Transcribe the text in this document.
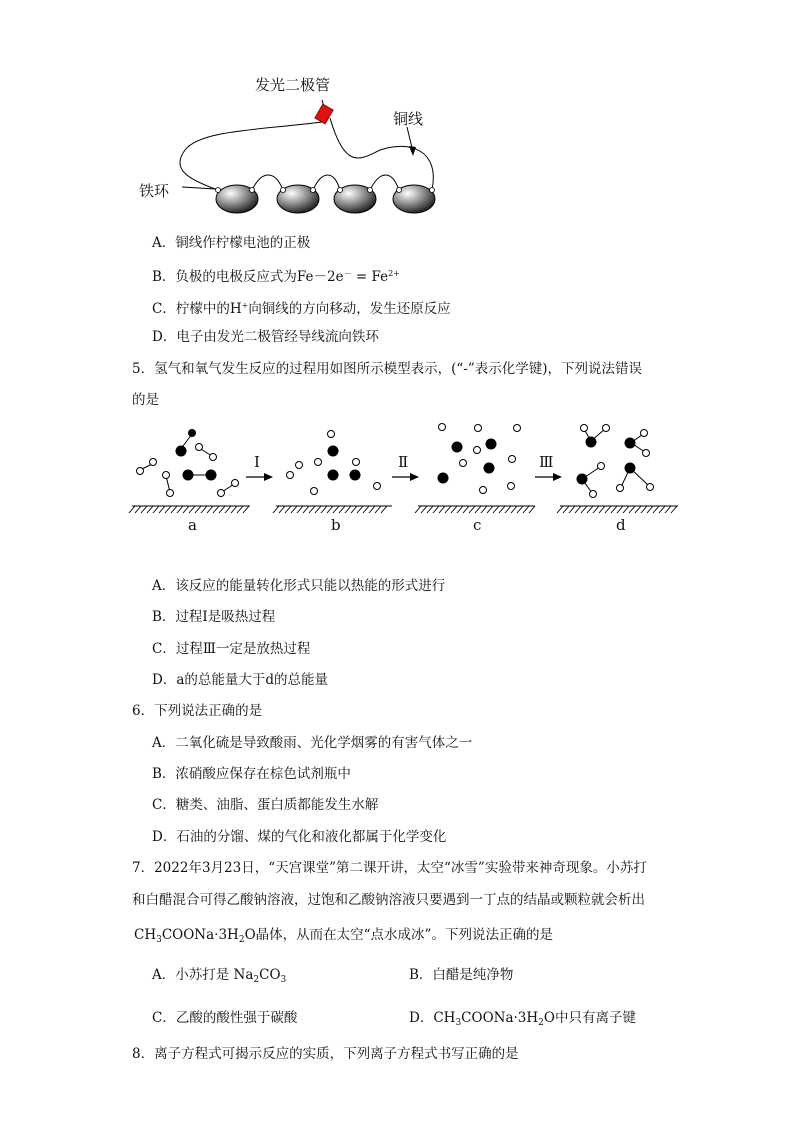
发光二极管
铜线
铁环
A．铜线作柠檬电池的正极
B．负极的电极反应式为$Fe-2e^- = Fe^{2+}$
C．柠檬中的H+向铜线的方向移动，发生还原反应
D．电子由发光二极管经导线流向铁环
5．氢气和氧气发生反应的过程用如图所示模型表示，(“-”表示化学键)，下列说法错误
的是
Ⅰ	Ⅱ	Ⅲ
a	b	c	d
A．该反应的能量转化形式只能以热能的形式进行
B．过程Ⅰ是吸热过程
C．过程Ⅲ一定是放热过程
D．a的总能量大于d的总能量
6．下列说法正确的是
A．二氧化硫是导致酸雨、光化学烟雾的有害气体之一
B．浓硝酸应保存在棕色试剂瓶中
C．糖类、油脂、蛋白质都能发生水解
D．石油的分馏、煤的气化和液化都属于化学变化
7．2022年3月23日，“天宫课堂”第二课开讲，太空“冰雪”实验带来神奇现象。小苏打
和白醋混合可得乙酸钠溶液，过饱和乙酸钠溶液只要遇到一丁点的结晶或颗粒就会析出
$CH_3COONa\cdot 3H_2O$晶体，从而在太空“点水成冰”。下列说法正确的是
A．小苏打是 $Na_2CO_3$	B．白醋是纯净物
C．乙酸的酸性强于碳酸	D．$CH_3COONa\cdot 3H_2O$中只有离子键
8．离子方程式可揭示反应的实质，下列离子方程式书写正确的是
